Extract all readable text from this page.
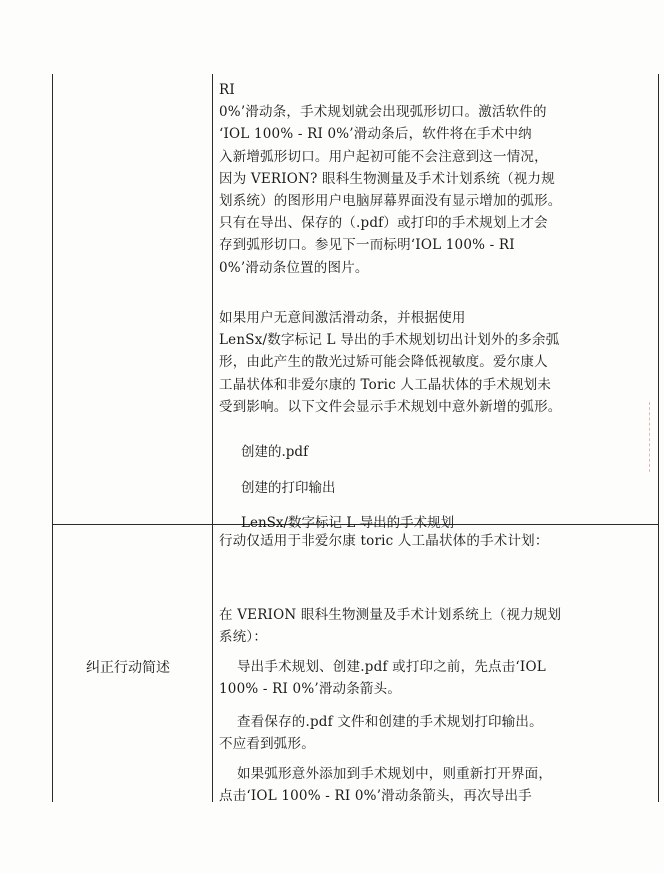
RI
0%’滑动条，手术规划就会出现弧形切口。激活软件的
‘IOL 100% - RI 0%’滑动条后，软件将在手术中纳
入新增弧形切口。用户起初可能不会注意到这一情况，
因为 VERION? 眼科生物测量及手术计划系统（视力规
划系统）的图形用户电脑屏幕界面没有显示增加的弧形。
只有在导出、保存的（.pdf）或打印的手术规划上才会
存到弧形切口。参见下一而标明‘IOL 100% - RI
0%’滑动条位置的图片。
如果用户无意间激活滑动条，并根据使用
LenSx/数字标记 L 导出的手术规划切出计划外的多余弧
形，由此产生的散光过矫可能会降低视敏度。爱尔康人
工晶状体和非爱尔康的 Toric 人工晶状体的手术规划未
受到影响。以下文件会显示手术规划中意外新增的弧形。
创建的.pdf
创建的打印输出
LenSx/数字标记 L 导出的手术规划
纠正行动简述
行动仅适用于非爱尔康 toric 人工晶状体的手术计划：
在 VERION 眼科生物测量及手术计划系统上（视力规划
系统）：
导出手术规划、创建.pdf 或打印之前，先点击‘IOL
100% - RI 0%’滑动条箭头。
查看保存的.pdf 文件和创建的手术规划打印输出。
不应看到弧形。
如果弧形意外添加到手术规划中，则重新打开界面，
点击‘IOL 100% - RI 0%’滑动条箭头，再次导出手
